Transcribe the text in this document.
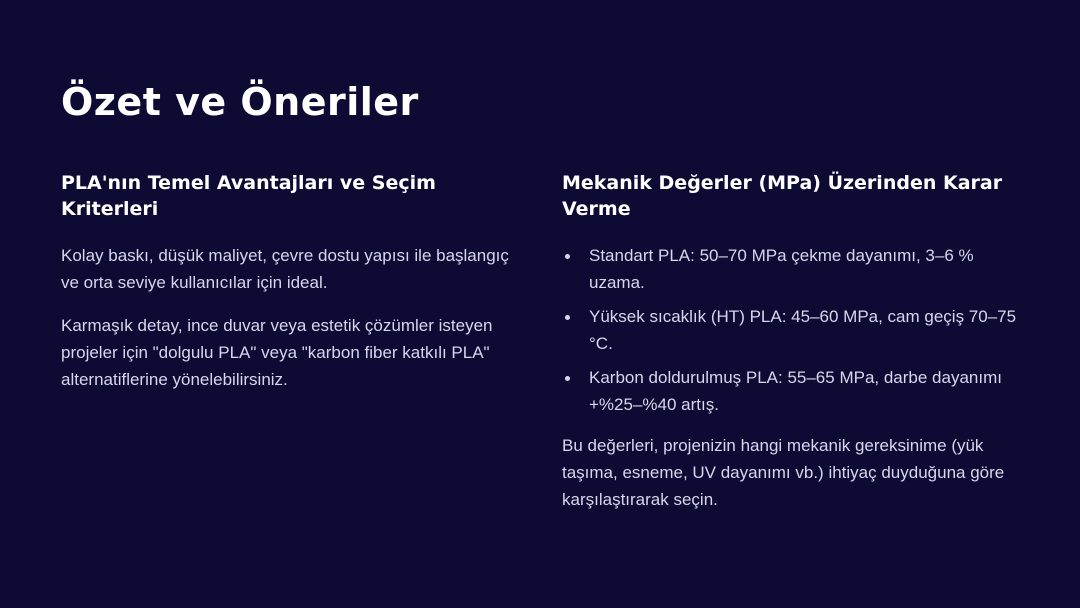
Özet ve Öneriler
PLA'nın Temel Avantajları ve Seçim Kriterleri

Kolay baskı, düşük maliyet, çevre dostu yapısı ile başlangıç ve orta seviye kullanıcılar için ideal.

Karmaşık detay, ince duvar veya estetik çözümler isteyen projeler için "dolgulu PLA" veya "karbon fiber katkılı PLA" alternatiflerine yönelebilirsiniz.

Mekanik Değerler (MPa) Üzerinden Karar Verme
Standart PLA: 50–70 MPa çekme dayanımı, 3–6 % uzama.
Yüksek sıcaklık (HT) PLA: 45–60 MPa, cam geçiş 70–75 °C.
Karbon doldurulmuş PLA: 55–65 MPa, darbe dayanımı +%25–%40 artış.

Bu değerleri, projenizin hangi mekanik gereksinime (yük taşıma, esneme, UV dayanımı vb.) ihtiyaç duyduğuna göre karşılaştırarak seçin.
